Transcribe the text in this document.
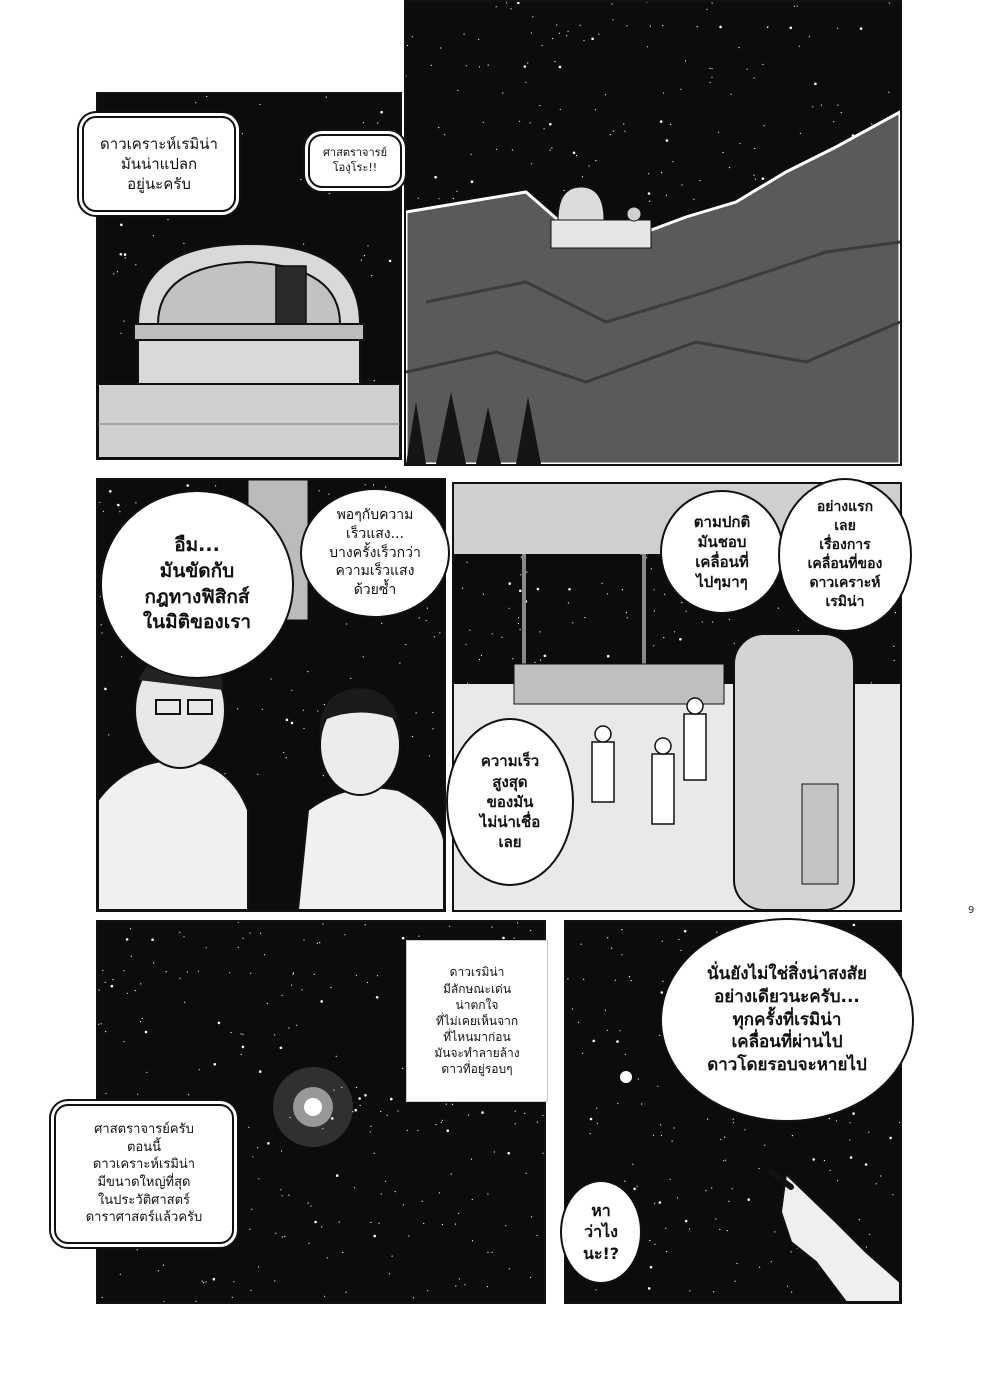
ดาวเคราะห์เรมิน่า
มันน่าแปลก
อยู่นะครับ
ศาสตราจารย์
โองุโระ!!
อืม...
มันขัดกับ
กฎทางฟิสิกส์
ในมิติของเรา
พอๆกับความ
เร็วแสง...
บางครั้งเร็วกว่า
ความเร็วแสง
ด้วยซ้ำ
ตามปกติ
มันชอบ
เคลื่อนที่
ไปๆมาๆ
อย่างแรก
เลย
เรื่องการ
เคลื่อนที่ของ
ดาวเคราะห์
เรมิน่า
ความเร็ว
สูงสุด
ของมัน
ไม่น่าเชื่อ
เลย
9
ดาวเรมิน่า
มีลักษณะเด่น
น่าตกใจ
ที่ไม่เคยเห็นจาก
ที่ไหนมาก่อน
มันจะทำลายล้าง
ดาวที่อยู่รอบๆ
ศาสตราจารย์ครับ
ตอนนี้
ดาวเคราะห์เรมิน่า
มีขนาดใหญ่ที่สุด
ในประวัติศาสตร์
ดาราศาสตร์แล้วครับ
นั่นยังไม่ใช่สิ่งน่าสงสัย
อย่างเดียวนะครับ...
ทุกครั้งที่เรมิน่า
เคลื่อนที่ผ่านไป
ดาวโดยรอบจะหายไป
หา
ว่าไง
นะ!?
